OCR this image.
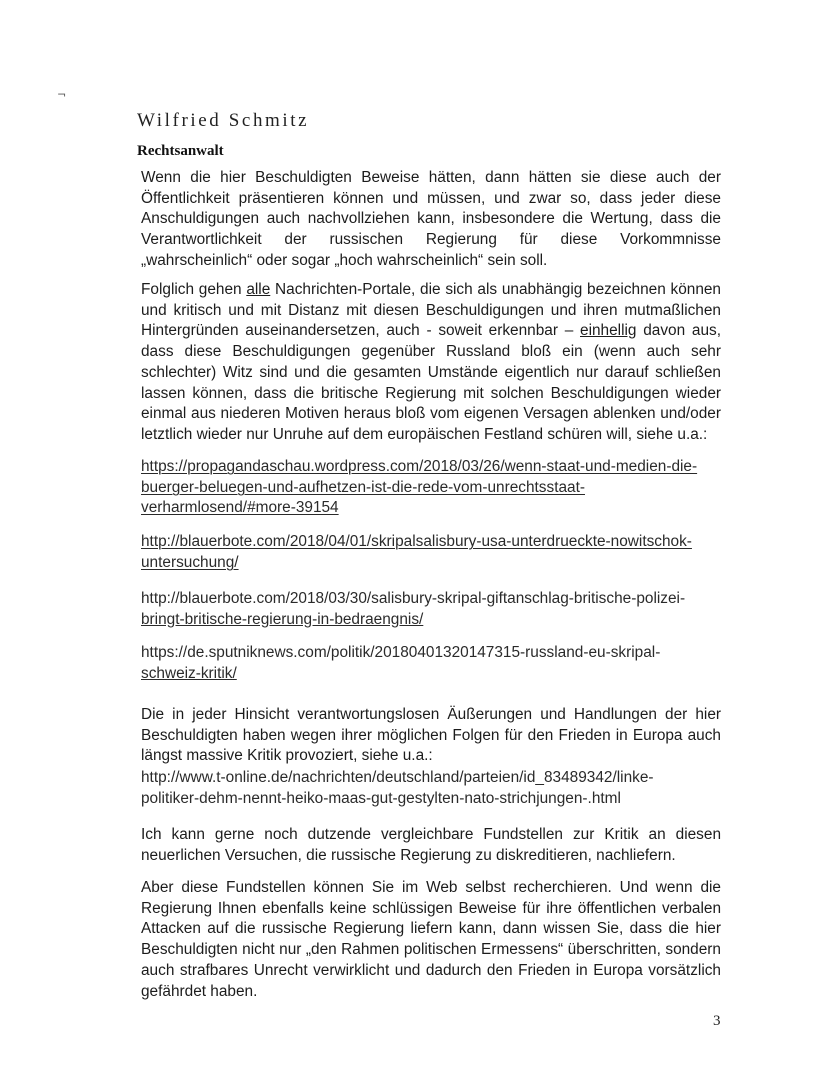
¬
Wilfried Schmitz
Rechtsanwalt
Wenn die hier Beschuldigten Beweise hätten, dann hätten sie diese auch der Öffentlichkeit präsentieren können und müssen, und zwar so, dass jeder diese Anschuldigungen auch nachvollziehen kann, insbesondere die Wertung, dass die Verantwortlichkeit der russischen Regierung für diese Vorkommnisse „wahrscheinlich“ oder sogar „hoch wahrscheinlich“ sein soll.
Folglich gehen alle Nachrichten-Portale, die sich als unabhängig bezeichnen können und kritisch und mit Distanz mit diesen Beschuldigungen und ihren mutmaßlichen Hintergründen auseinandersetzen, auch - soweit erkennbar – einhellig davon aus, dass diese Beschuldigungen gegenüber Russland bloß ein (wenn auch sehr schlechter) Witz sind und die gesamten Umstände eigentlich nur darauf schließen lassen können, dass die britische Regierung mit solchen Beschuldigungen wieder einmal aus niederen Motiven heraus bloß vom eigenen Versagen ablenken und/oder letztlich wieder nur Unruhe auf dem europäischen Festland schüren will, siehe u.a.:
https://propagandaschau.wordpress.com/2018/03/26/wenn-staat-und-medien-die-
buerger-beluegen-und-aufhetzen-ist-die-rede-vom-unrechtsstaat-
verharmlosend/#more-39154
http://blauerbote.com/2018/04/01/skripalsalisbury-usa-unterdrueckte-nowitschok-
untersuchung/
http://blauerbote.com/2018/03/30/salisbury-skripal-giftanschlag-britische-polizei-
bringt-britische-regierung-in-bedraengnis/
https://de.sputniknews.com/politik/20180401320147315-russland-eu-skripal-
schweiz-kritik/
Die in jeder Hinsicht verantwortungslosen Äußerungen und Handlungen der hier Beschuldigten haben wegen ihrer möglichen Folgen für den Frieden in Europa auch längst massive Kritik provoziert, siehe u.a.:
http://www.t-online.de/nachrichten/deutschland/parteien/id_83489342/linke-
politiker-dehm-nennt-heiko-maas-gut-gestylten-nato-strichjungen-.html
Ich kann gerne noch dutzende vergleichbare Fundstellen zur Kritik an diesen neuerlichen Versuchen, die russische Regierung zu diskreditieren, nachliefern.
Aber diese Fundstellen können Sie im Web selbst recherchieren. Und wenn die Regierung Ihnen ebenfalls keine schlüssigen Beweise für ihre öffentlichen verbalen Attacken auf die russische Regierung liefern kann, dann wissen Sie, dass die hier Beschuldigten nicht nur „den Rahmen politischen Ermessens“ überschritten, sondern auch strafbares Unrecht verwirklicht und dadurch den Frieden in Europa vorsätzlich gefährdet haben.
3
